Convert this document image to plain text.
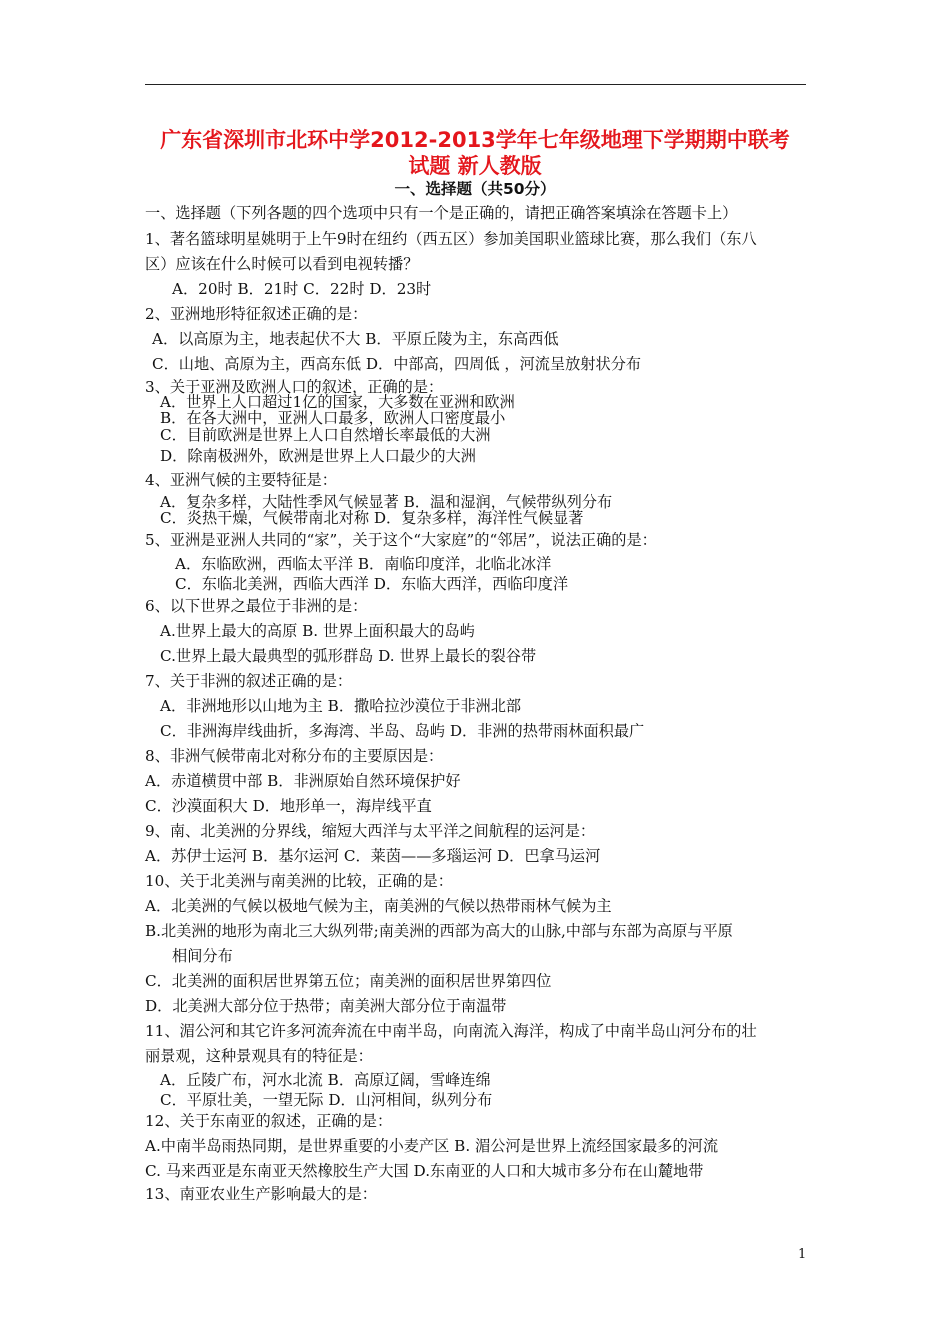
广东省深圳市北环中学2012-2013学年七年级地理下学期期中联考
试题 新人教版
一、选择题（共50分）
一、选择题（下列各题的四个选项中只有一个是正确的，请把正确答案填涂在答题卡上）
1、著名篮球明星姚明于上午9时在纽约（西五区）参加美国职业篮球比赛，那么我们（东八
区）应该在什么时候可以看到电视转播？
A．20时 B．21时 C．22时 D．23时
2、亚洲地形特征叙述正确的是：
A．以高原为主，地表起伏不大 B．平原丘陵为主，东高西低
C．山地、高原为主，西高东低 D．中部高，四周低 ，河流呈放射状分布
3、关于亚洲及欧洲人口的叙述，正确的是：
A．世界上人口超过1亿的国家，大多数在亚洲和欧洲
B．在各大洲中，亚洲人口最多，欧洲人口密度最小
C．目前欧洲是世界上人口自然增长率最低的大洲
D．除南极洲外，欧洲是世界上人口最少的大洲
4、亚洲气候的主要特征是：
A．复杂多样，大陆性季风气候显著 B．温和湿润，气候带纵列分布
C．炎热干燥，气候带南北对称 D．复杂多样，海洋性气候显著
5、亚洲是亚洲人共同的“家”，关于这个“大家庭”的“邻居”，说法正确的是：
A．东临欧洲，西临太平洋 B．南临印度洋，北临北冰洋
C．东临北美洲，西临大西洋 D．东临大西洋，西临印度洋
6、以下世界之最位于非洲的是：
A.世界上最大的高原 B. 世界上面积最大的岛屿
C.世界上最大最典型的弧形群岛 D. 世界上最长的裂谷带
7、关于非洲的叙述正确的是：
A．非洲地形以山地为主 B．撒哈拉沙漠位于非洲北部
C．非洲海岸线曲折，多海湾、半岛、岛屿 D．非洲的热带雨林面积最广
8、非洲气候带南北对称分布的主要原因是：
A．赤道横贯中部 B．非洲原始自然环境保护好
C．沙漠面积大 D．地形单一，海岸线平直
9、南、北美洲的分界线，缩短大西洋与太平洋之间航程的运河是：
A．苏伊士运河 B．基尔运河 C．莱茵——多瑙运河 D．巴拿马运河
10、关于北美洲与南美洲的比较，正确的是：
A．北美洲的气候以极地气候为主，南美洲的气候以热带雨林气候为主
B.北美洲的地形为南北三大纵列带;南美洲的西部为高大的山脉,中部与东部为高原与平原
相间分布
C．北美洲的面积居世界第五位；南美洲的面积居世界第四位
D．北美洲大部分位于热带；南美洲大部分位于南温带
11、湄公河和其它许多河流奔流在中南半岛，向南流入海洋，构成了中南半岛山河分布的壮
丽景观，这种景观具有的特征是：
A．丘陵广布，河水北流 B．高原辽阔，雪峰连绵
C．平原壮美，一望无际 D．山河相间，纵列分布
12、关于东南亚的叙述，正确的是：
A.中南半岛雨热同期，是世界重要的小麦产区 B. 湄公河是世界上流经国家最多的河流
C. 马来西亚是东南亚天然橡胶生产大国 D.东南亚的人口和大城市多分布在山麓地带
13、南亚农业生产影响最大的是：
1
